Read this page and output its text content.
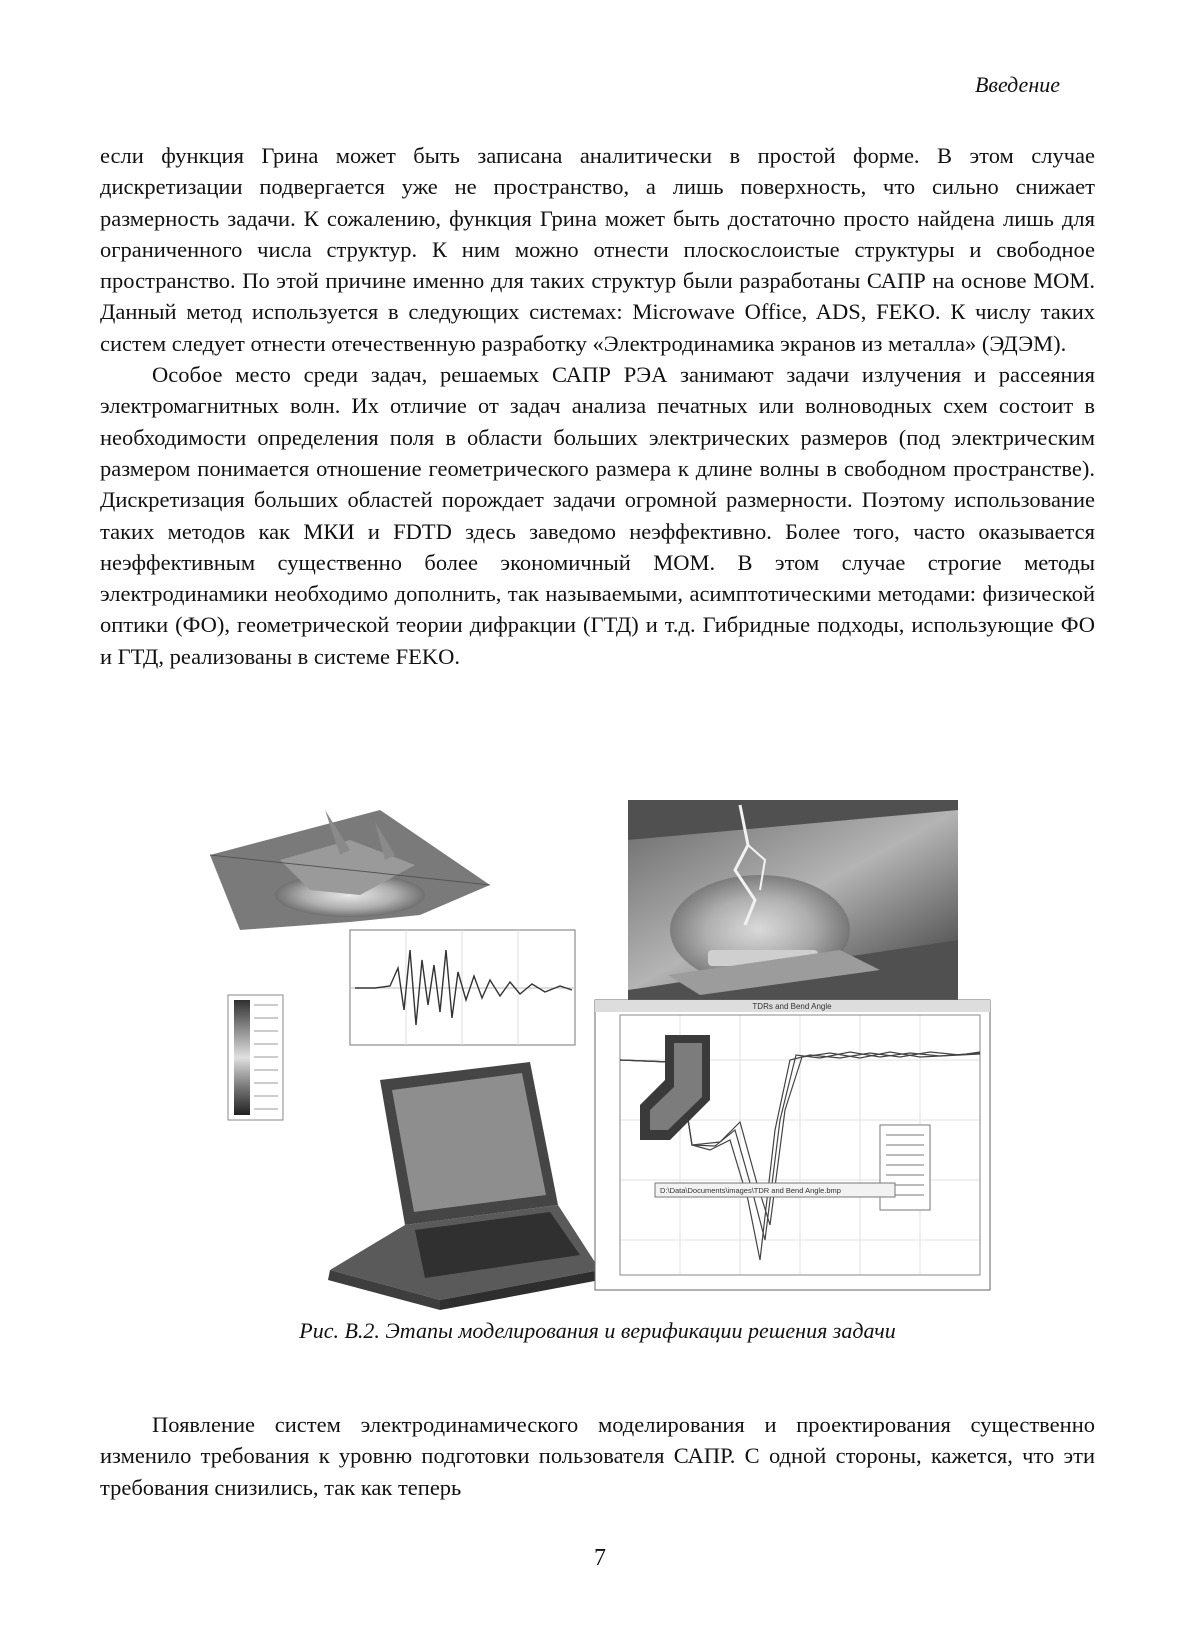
Введение

если функция Грина может быть записана аналитически в простой форме. В этом случае дискретизации подвергается уже не пространство, а лишь поверхность, что сильно снижает размерность задачи. К сожалению, функция Грина может быть достаточно просто найдена лишь для ограниченного числа структур. К ним можно отнести плоскослоистые структуры и свободное пространство. По этой причине именно для таких структур были разработаны САПР на основе МОМ. Данный метод используется в следующих системах: Microwave Office, ADS, FEKO. К числу таких систем следует отнести отечественную разработку «Электродинамика экранов из металла» (ЭДЭМ).

Особое место среди задач, решаемых САПР РЭА занимают задачи излучения и рассеяния электромагнитных волн. Их отличие от задач анализа печатных или волноводных схем состоит в необходимости определения поля в области больших электрических размеров (под электрическим размером понимается отношение геометрического размера к длине волны в свободном пространстве). Дискретизация больших областей порождает задачи огромной размерности. Поэтому использование таких методов как МКИ и FDTD здесь заведомо неэффективно. Более того, часто оказывается неэффективным существенно более экономичный МОМ. В этом случае строгие методы электродинамики необходимо дополнить, так называемыми, асимптотическими методами: физической оптики (ФО), геометрической теории дифракции (ГТД) и т.д. Гибридные подходы, использующие ФО и ГТД, реализованы в системе FEKO.

TDRs and Bend Angle
D:\Data\Documents\images\TDR and Bend Angle.bmp
Рис. В.2. Этапы моделирования и верификации решения задачи

Появление систем электродинамического моделирования и проектирования существенно изменило требования к уровню подготовки пользователя САПР. С одной стороны, кажется, что эти требования снизились, так как теперь

7
